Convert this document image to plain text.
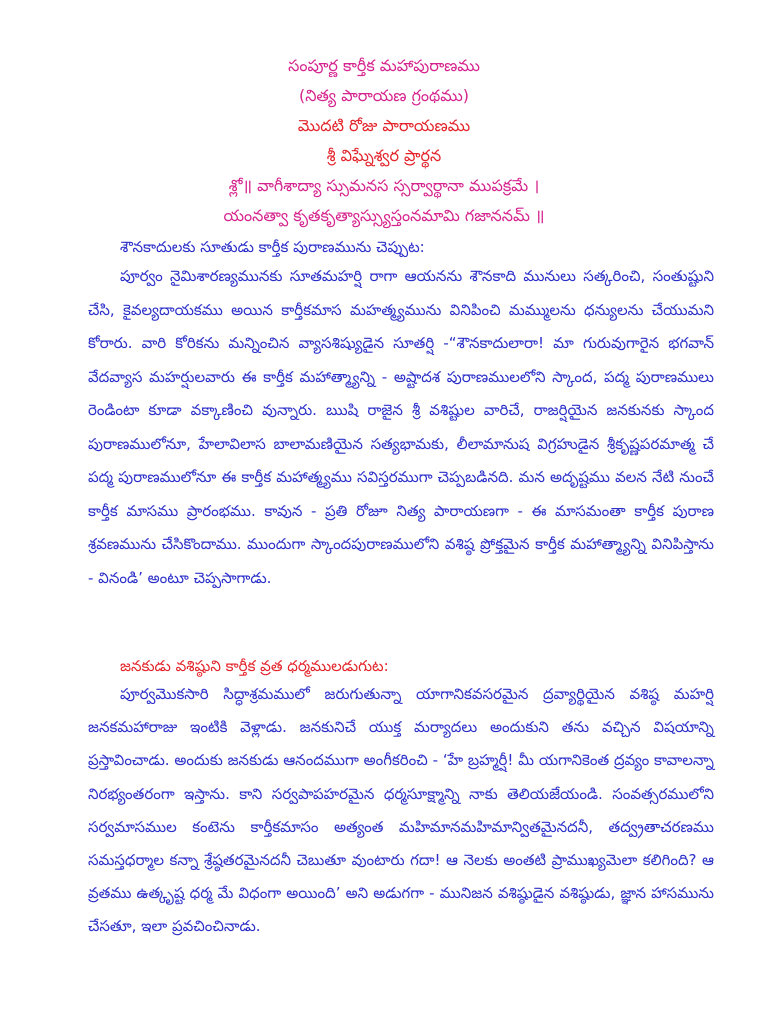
సంపూర్ణ కార్తీక మహాపురాణము
(నిత్య పారాయణ గ్రంథము)
మొదటి రోజు పారాయణము
శ్రీ విఘ్నేశ్వర ప్రార్థన
శ్లో॥ వాగీశాద్యా స్సుమనస స్సర్వార్థానా ముపక్రమే ।
యంనత్వా కృతకృత్యాస్స్యుస్తంనమామి గజాననమ్ ॥
శౌనకాదులకు సూతుడు కార్తీక పురాణమును చెప్పుట:
పూర్వం నైమిశారణ్యమునకు సూతమహర్షి రాగా ఆయనను శౌనకాది మునులు సత్కరించి, సంతుష్టుని చేసి, కైవల్యదాయకము అయిన కార్తీకమాస మహత్మ్యమును వినిపించి మమ్ములను ధన్యులను చేయుమని కోరారు. వారి కోరికను మన్నించిన వ్యాసశిష్యుడైన సూతర్షి -“శౌనకాదులారా! మా గురువుగారైన భగవాన్ వేదవ్యాస మహర్షులవారు ఈ కార్తీక మహాత్మ్యాన్ని - అష్టాదశ పురాణములలోని స్కాంద, పద్మ పురాణములు రెండింటా కూడా వక్కాణించి వున్నారు. ఋషి రాజైన శ్రీ వశిష్టుల వారిచే, రాజర్షియైన జనకునకు స్కాంద పురాణములోనూ, హేలావిలాస బాలామణియైన సత్యభామకు, లీలామానుష విగ్రహుడైన శ్రీకృష్ణపరమాత్మ చే పద్మ పురాణములోనూ ఈ కార్తీక మహాత్మ్యము సవిస్తరముగా చెప్పబడినది. మన అదృష్టము వలన నేటి నుంచే కార్తీక మాసము ప్రారంభము. కావున - ప్రతి రోజూ నిత్య పారాయణగా - ఈ మాసమంతా కార్తీక పురాణ శ్రవణమును చేసికొందాము. ముందుగా స్కాందపురాణములోని వశిష్ఠ ప్రోక్తమైన కార్తీక మహాత్మ్యాన్ని వినిపిస్తాను - వినండి’ అంటూ చెప్పసాగాడు.
జనకుడు వశిష్ఠుని కార్తీక వ్రత ధర్మములడుగుట:
పూర్వమొకసారి సిద్ధాశ్రమములో జరుగుతున్నా యాగానికవసరమైన ద్రవ్యార్థియైన వశిష్ఠ మహర్షి జనకమహారాజు ఇంటికి వెళ్లాడు. జనకునిచే యుక్త మర్యాదలు అందుకుని తను వచ్చిన విషయాన్ని ప్రస్తావించాడు. అందుకు జనకుడు ఆనందముగా అంగీకరించి - ‘హే బ్రహ్మర్షీ! మీ యగానికెంత ద్రవ్యం కావాలన్నా నిరభ్యంతరంగా ఇస్తాను. కాని సర్వపాపహరమైన ధర్మసూక్ష్మాన్ని నాకు తెలియజేయండి. సంవత్సరములోని సర్వమాసముల కంటెను కార్తీకమాసం అత్యంత మహిమానమహిమాన్వితమైనదనీ, తద్వ్రతాచరణము సమస్తధర్మాల కన్నా శ్రేష్ఠతరమైనదనీ చెబుతూ వుంటారు గదా! ఆ నెలకు అంతటి ప్రాముఖ్యమెలా కలిగింది? ఆ వ్రతము ఉత్కృష్ట ధర్మ మే విధంగా అయింది’ అని అడుగగా - మునిజన వశిష్ఠుడైన వశిష్ఠుడు, జ్ఞాన హాసమును చేసతూ, ఇలా ప్రవచించినాడు.
